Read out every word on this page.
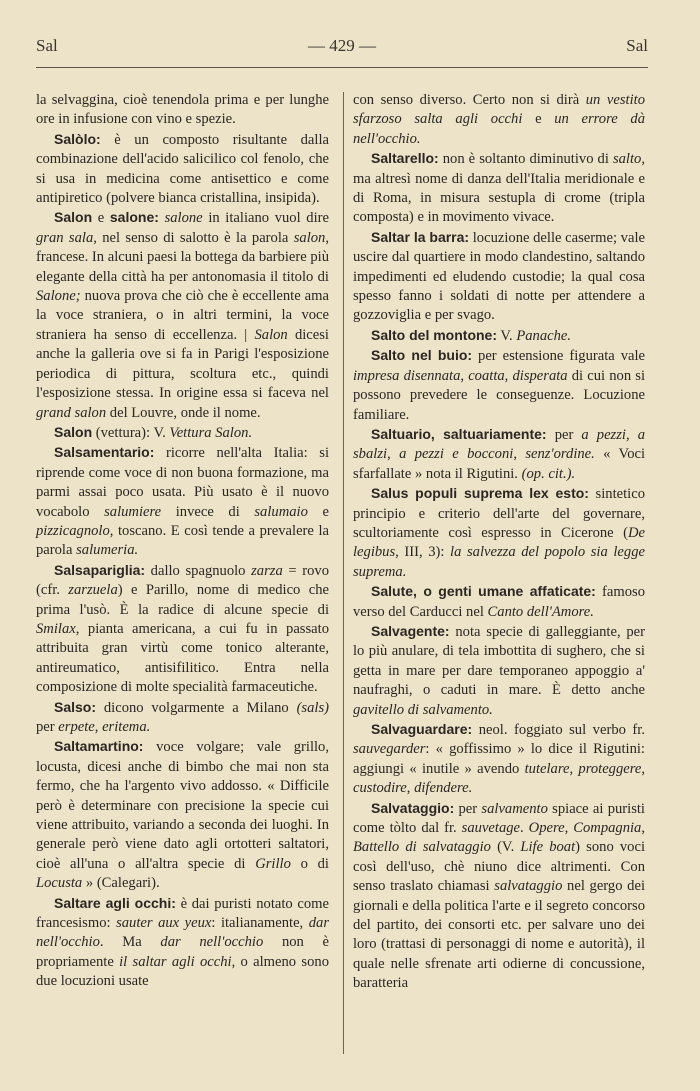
Sal	— 429 —	Sal

la selvaggina, cioè tenendola prima e per lunghe ore in infusione con vino e spezie.

Salòlo: è un composto risultante dalla combinazione dell'acido salicilico col fenolo, che si usa in medicina come antisettico e come antipiretico (polvere bianca cristallina, insipida).

Salon e salone: salone in italiano vuol dire gran sala, nel senso di salotto è la parola salon, francese. In alcuni paesi la bottega da barbiere più elegante della città ha per antonomasia il titolo di Salone; nuova prova che ciò che è eccellente ama la voce straniera, o in altri termini, la voce straniera ha senso di eccellenza. | Salon dicesi anche la galleria ove si fa in Parigi l'esposizione periodica di pittura, scoltura etc., quindi l'esposizione stessa. In origine essa si faceva nel grand salon del Louvre, onde il nome.

Salon (vettura): V. Vettura Salon.

Salsamentario: ricorre nell'alta Italia: si riprende come voce di non buona formazione, ma parmi assai poco usata. Più usato è il nuovo vocabolo salumiere invece di salumaio e pizzicagnolo, toscano. E così tende a prevalere la parola salumeria.

Salsapariglia: dallo spagnuolo zarza = rovo (cfr. zarzuela) e Parillo, nome di medico che prima l'usò. È la radice di alcune specie di Smilax, pianta americana, a cui fu in passato attribuita gran virtù come tonico alterante, antireumatico, antisifilitico. Entra nella composizione di molte specialità farmaceutiche.

Salso: dicono volgarmente a Milano (sals) per erpete, eritema.

Saltamartino: voce volgare; vale grillo, locusta, dicesi anche di bimbo che mai non sta fermo, che ha l'argento vivo addosso. « Difficile però è determinare con precisione la specie cui viene attribuito, variando a seconda dei luoghi. In generale però viene dato agli ortotteri saltatori, cioè all'una o all'altra specie di Grillo o di Locusta » (Calegari).

Saltare agli occhi: è dai puristi notato come francesismo: sauter aux yeux: italianamente, dar nell'occhio. Ma dar nell'occhio non è propriamente il saltar agli occhi, o almeno sono due locuzioni usate

con senso diverso. Certo non si dirà un vestito sfarzoso salta agli occhi e un errore dà nell'occhio.

Saltarello: non è soltanto diminutivo di salto, ma altresì nome di danza dell'Italia meridionale e di Roma, in misura sestupla di crome (tripla composta) e in movimento vivace.

Saltar la barra: locuzione delle caserme; vale uscire dal quartiere in modo clandestino, saltando impedimenti ed eludendo custodie; la qual cosa spesso fanno i soldati di notte per attendere a gozzoviglia e per svago.

Salto del montone: V. Panache.

Salto nel buio: per estensione figurata vale impresa disennata, coatta, disperata di cui non si possono prevedere le conseguenze. Locuzione familiare.

Saltuario, saltuariamente: per a pezzi, a sbalzi, a pezzi e bocconi, senz'ordine. « Voci sfarfallate » nota il Rigutini. (op. cit.).

Salus populi suprema lex esto: sintetico principio e criterio dell'arte del governare, scultoriamente così espresso in Cicerone (De legibus, III, 3): la salvezza del popolo sia legge suprema.

Salute, o genti umane affaticate: famoso verso del Carducci nel Canto dell'Amore.

Salvagente: nota specie di galleggiante, per lo più anulare, di tela imbottita di sughero, che si getta in mare per dare temporaneo appoggio a' naufraghi, o caduti in mare. È detto anche gavitello di salvamento.

Salvaguardare: neol. foggiato sul verbo fr. sauvegarder: « goffissimo » lo dice il Rigutini: aggiungi « inutile » avendo tutelare, proteggere, custodire, difendere.

Salvataggio: per salvamento spiace ai puristi come tòlto dal fr. sauvetage. Opere, Compagnia, Battello di salvataggio (V. Life boat) sono voci così dell'uso, chè niuno dice altrimenti. Con senso traslato chiamasi salvataggio nel gergo dei giornali e della politica l'arte e il segreto concorso del partito, dei consorti etc. per salvare uno dei loro (trattasi di personaggi di nome e autorità), il quale nelle sfrenate arti odierne di concussione, baratteria
